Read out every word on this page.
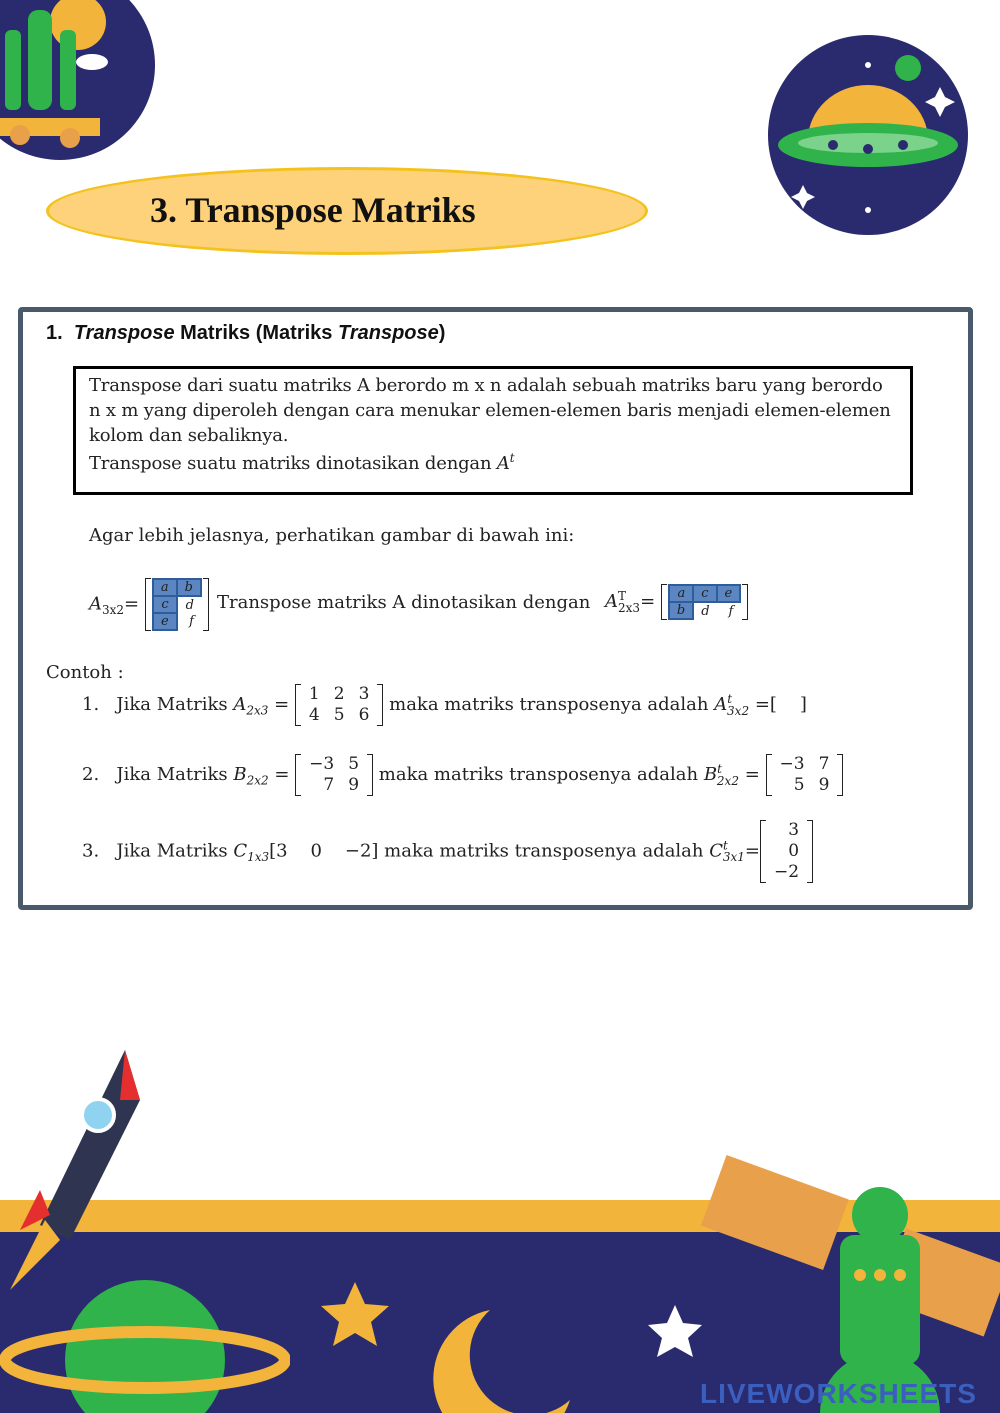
3. Transpose Matriks
1. Transpose Matriks (Matriks Transpose)
Transpose dari suatu matriks A berordo m x n adalah sebuah matriks baru yang berordo
n x m yang diperoleh dengan cara menukar elemen-elemen baris menjadi elemen-elemen
kolom dan sebaliknya.
Transpose suatu matriks dinotasikan dengan $A^t$
Agar lebih jelasnya, perhatikan gambar di bawah ini:
$A_{3x2}=$
a	b
c	d
e	f
Transpose matriks A dinotasikan dengan $A^T_{2x3}= a$	c	e
b	d	f
Contoh :
1. Jika Matriks $A_{2x3} = 1$	2	3
4	5	6 maka matriks transposenya adalah $A^t_{3x2}$ =[    ]
2. Jika Matriks $B_{2x2} = -3$	5
7	9 maka matriks transposenya adalah $B^t_{2x2} = -3$	7
5	9
3. Jika Matriks $C_{1x3}[3$    0    −2] maka matriks transposenya adalah $C^t_{3x1}=$
3
0
−2
LIVEWORKSHEETS
